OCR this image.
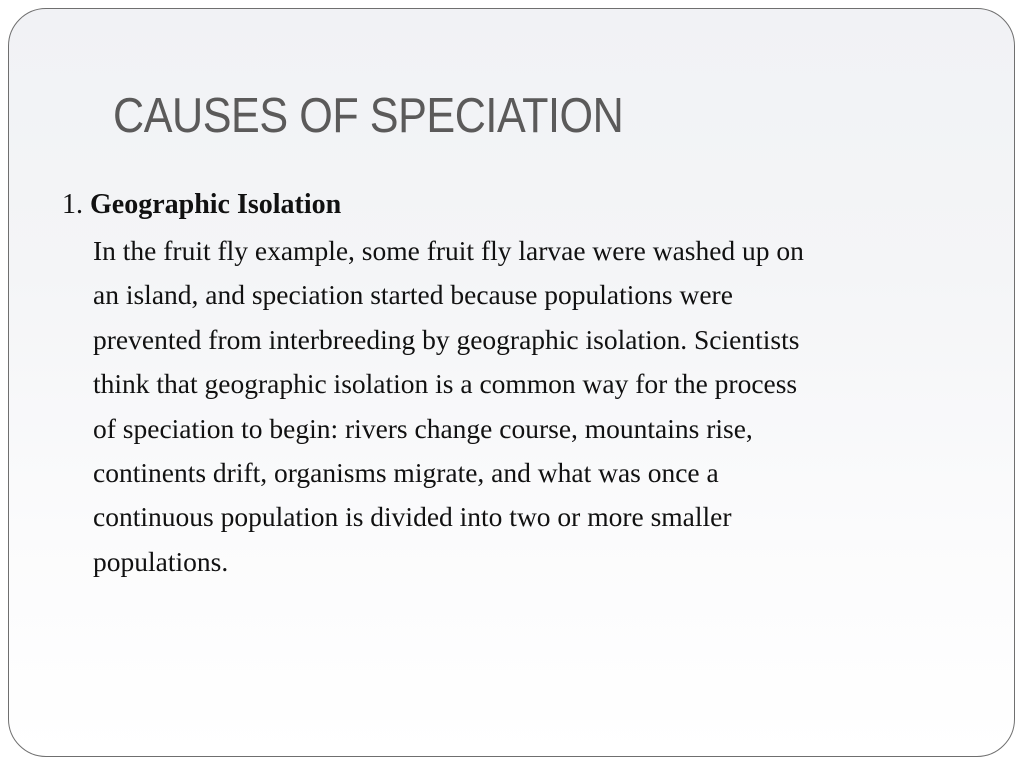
CAUSES OF SPECIATION
1. Geographic Isolation

In the fruit fly example, some fruit fly larvae were washed up on
an island, and speciation started because populations were
prevented from interbreeding by geographic isolation. Scientists
think that geographic isolation is a common way for the process
of speciation to begin: rivers change course, mountains rise,
continents drift, organisms migrate, and what was once a
continuous population is divided into two or more smaller
populations.
